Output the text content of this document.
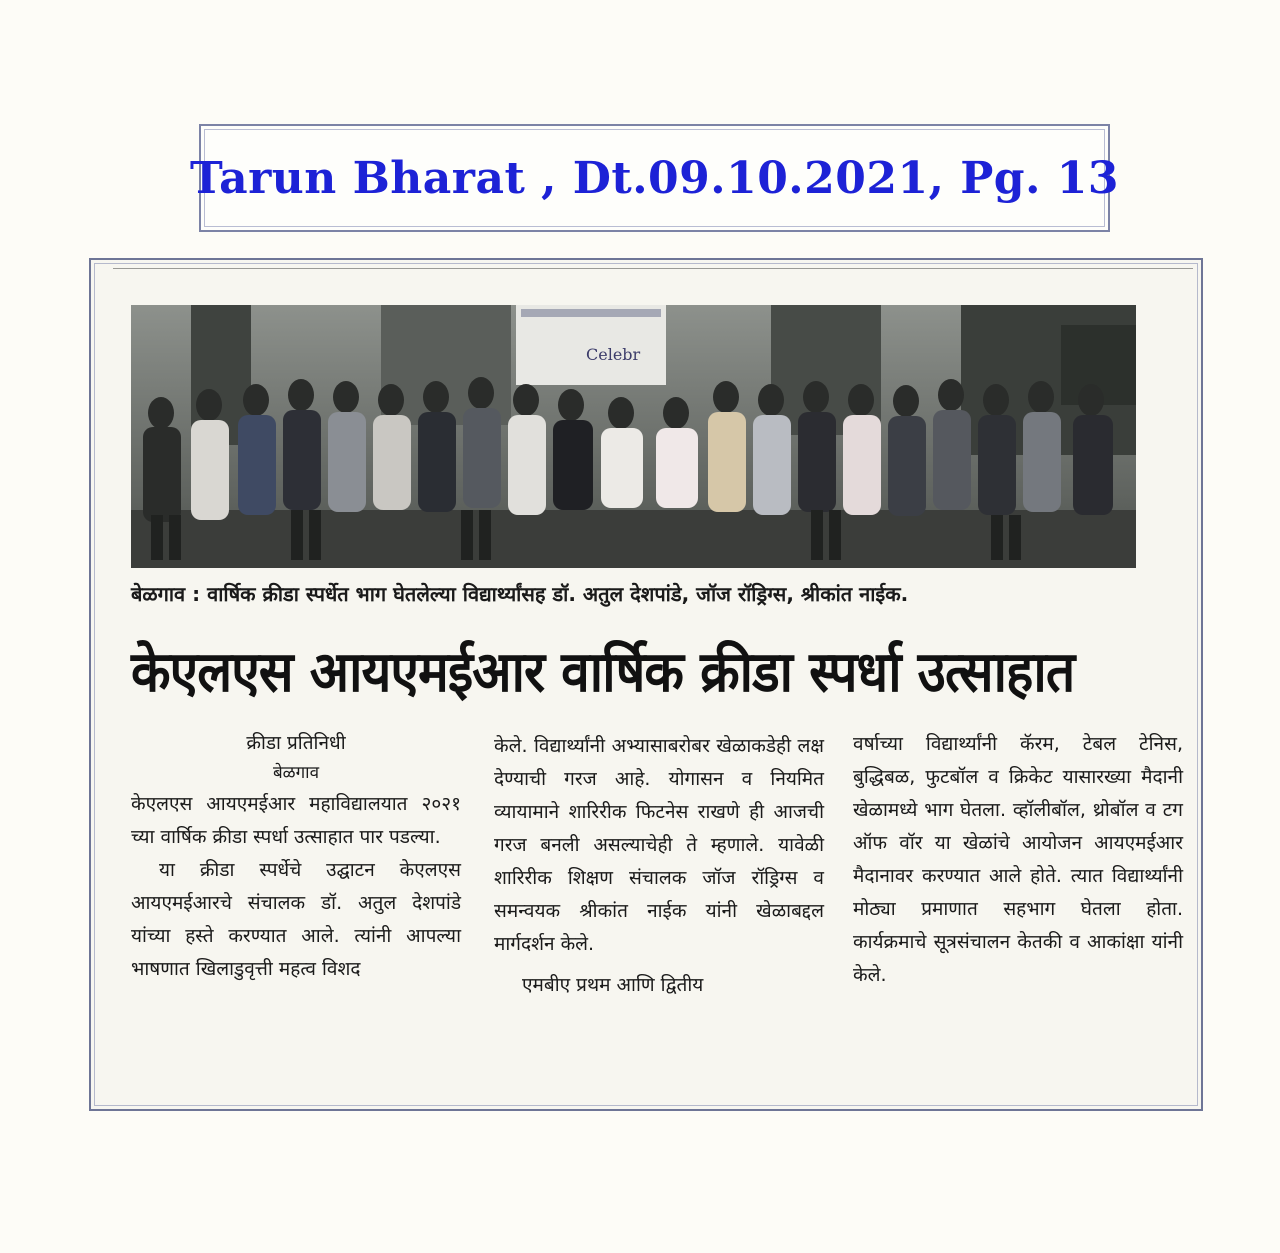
Tarun Bharat , Dt.09.10.2021, Pg. 13
Celebr
बेळगाव : वार्षिक क्रीडा स्पर्धेत भाग घेतलेल्या विद्यार्थ्यांसह डॉ. अतुल देशपांडे, जॉज रॉड्रिग्स, श्रीकांत नाईक.
केएलएस आयएमईआर वार्षिक क्रीडा स्पर्धा उत्साहात
क्रीडा प्रतिनिधी
बेळगाव

केएलएस आयएमईआर महाविद्यालयात २०२१ च्या वार्षिक क्रीडा स्पर्धा उत्साहात पार पडल्या.

या क्रीडा स्पर्धेचे उद्घाटन केएलएस आयएमईआरचे संचालक डॉ. अतुल देशपांडे यांच्या हस्ते करण्यात आले. त्यांनी आपल्या भाषणात खिलाडुवृत्ती महत्व विशद

केले. विद्यार्थ्यांनी अभ्यासाबरोबर खेळाकडेही लक्ष देण्याची गरज आहे. योगासन व नियमित व्यायामाने शारिरीक फिटनेस राखणे ही आजची गरज बनली असल्याचेही ते म्हणाले. यावेळी शारिरीक शिक्षण संचालक जॉज रॉड्रिग्स व समन्वयक श्रीकांत नाईक यांनी खेळाबद्दल मार्गदर्शन केले.

एमबीए प्रथम आणि द्वितीय

वर्षाच्या विद्यार्थ्यांनी कॅरम, टेबल टेनिस, बुद्धिबळ, फुटबॉल व क्रिकेट यासारख्या मैदानी खेळामध्ये भाग घेतला. व्हॉलीबॉल, थ्रोबॉल व टग ऑफ वॉर या खेळांचे आयोजन आयएमईआर मैदानावर करण्यात आले होते. त्यात विद्यार्थ्यांनी मोठ्या प्रमाणात सहभाग घेतला होता. कार्यक्रमाचे सूत्रसंचालन केतकी व आकांक्षा यांनी केले.
